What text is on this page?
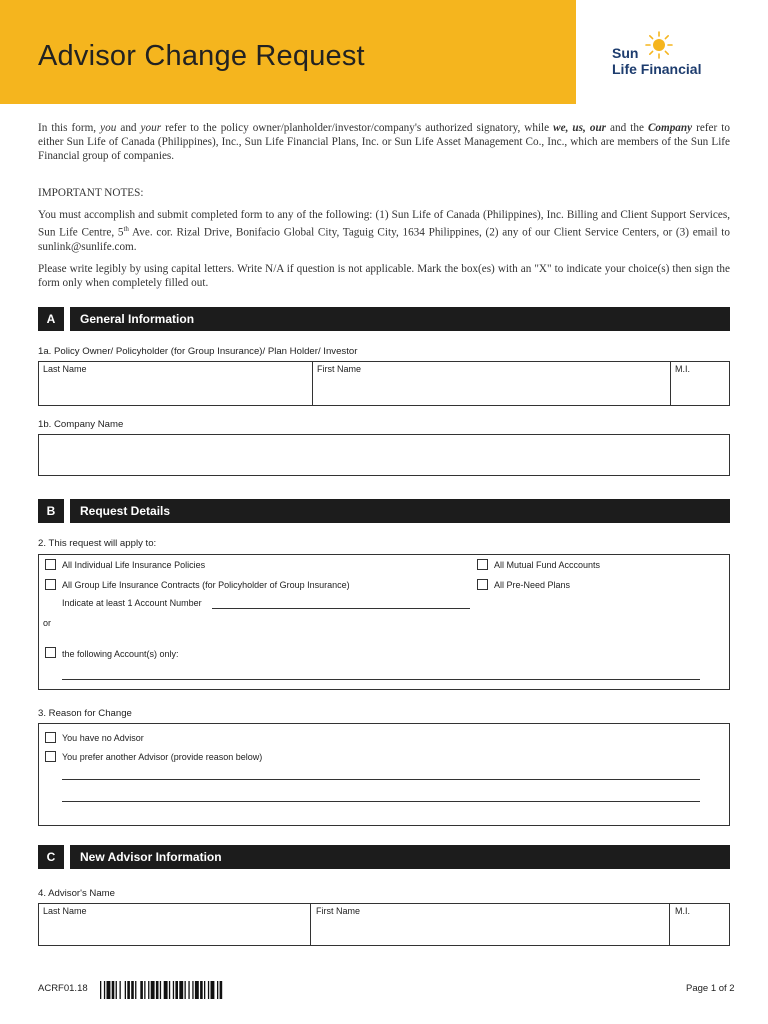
Advisor Change Request	Sun
Life Financial
In this form, you and your refer to the policy owner/planholder/investor/company's authorized signatory, while we, us, our and the Company refer to either Sun Life of Canada (Philippines), Inc., Sun Life Financial Plans, Inc. or Sun Life Asset Management Co., Inc., which are members of the Sun Life Financial group of companies.
IMPORTANT NOTES:
You must accomplish and submit completed form to any of the following: (1) Sun Life of Canada (Philippines), Inc. Billing and Client Support Services, Sun Life Centre, 5th Ave. cor. Rizal Drive, Bonifacio Global City, Taguig City, 1634 Philippines, (2) any of our Client Service Centers, or (3) email to sunlink@sunlife.com.
Please write legibly by using capital letters. Write N/A if question is not applicable. Mark the box(es) with an "X" to indicate your choice(s) then sign the form only when completely filled out.
A	General Information
1a. Policy Owner/ Policyholder (for Group Insurance)/ Plan Holder/ Investor
Last Name	First Name	M.I.
1b. Company Name
B	Request Details
2. This request will apply to:
All Individual Life Insurance Policies
All Group Life Insurance Contracts (for Policyholder of Group Insurance)
Indicate at least 1 Account Number
All Mutual Fund Acccounts
All Pre-Need Plans
or
the following Account(s) only:
3. Reason for Change
You have no Advisor
You prefer another Advisor (provide reason below)
C	New Advisor Information
4. Advisor's Name
Last Name	First Name	M.I.
ACRF01.18	Page 1 of 2
